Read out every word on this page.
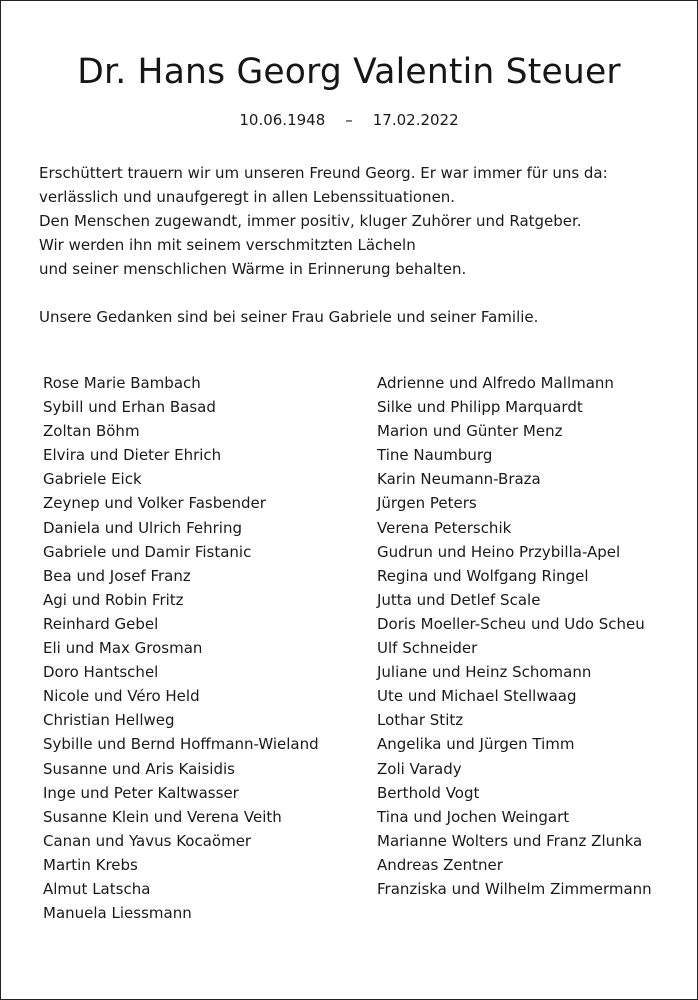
Dr. Hans Georg Valentin Steuer
10.06.1948 – 17.02.2022
Erschüttert trauern wir um unseren Freund Georg. Er war immer für uns da:
verlässlich und unaufgeregt in allen Lebenssituationen.
Den Menschen zugewandt, immer positiv, kluger Zuhörer und Ratgeber.
Wir werden ihn mit seinem verschmitzten Lächeln
und seiner menschlichen Wärme in Erinnerung behalten.
Unsere Gedanken sind bei seiner Frau Gabriele und seiner Familie.
Rose Marie Bambach
Sybill und Erhan Basad
Zoltan Böhm
Elvira und Dieter Ehrich
Gabriele Eick
Zeynep und Volker Fasbender
Daniela und Ulrich Fehring
Gabriele und Damir Fistanic
Bea und Josef Franz
Agi und Robin Fritz
Reinhard Gebel
Eli und Max Grosman
Doro Hantschel
Nicole und Véro Held
Christian Hellweg
Sybille und Bernd Hoffmann-Wieland
Susanne und Aris Kaisidis
Inge und Peter Kaltwasser
Susanne Klein und Verena Veith
Canan und Yavus Kocaömer
Martin Krebs
Almut Latscha
Manuela Liessmann
Adrienne und Alfredo Mallmann
Silke und Philipp Marquardt
Marion und Günter Menz
Tine Naumburg
Karin Neumann-Braza
Jürgen Peters
Verena Peterschik
Gudrun und Heino Przybilla-Apel
Regina und Wolfgang Ringel
Jutta und Detlef Scale
Doris Moeller-Scheu und Udo Scheu
Ulf Schneider
Juliane und Heinz Schomann
Ute und Michael Stellwaag
Lothar Stitz
Angelika und Jürgen Timm
Zoli Varady
Berthold Vogt
Tina und Jochen Weingart
Marianne Wolters und Franz Zlunka
Andreas Zentner
Franziska und Wilhelm Zimmermann
